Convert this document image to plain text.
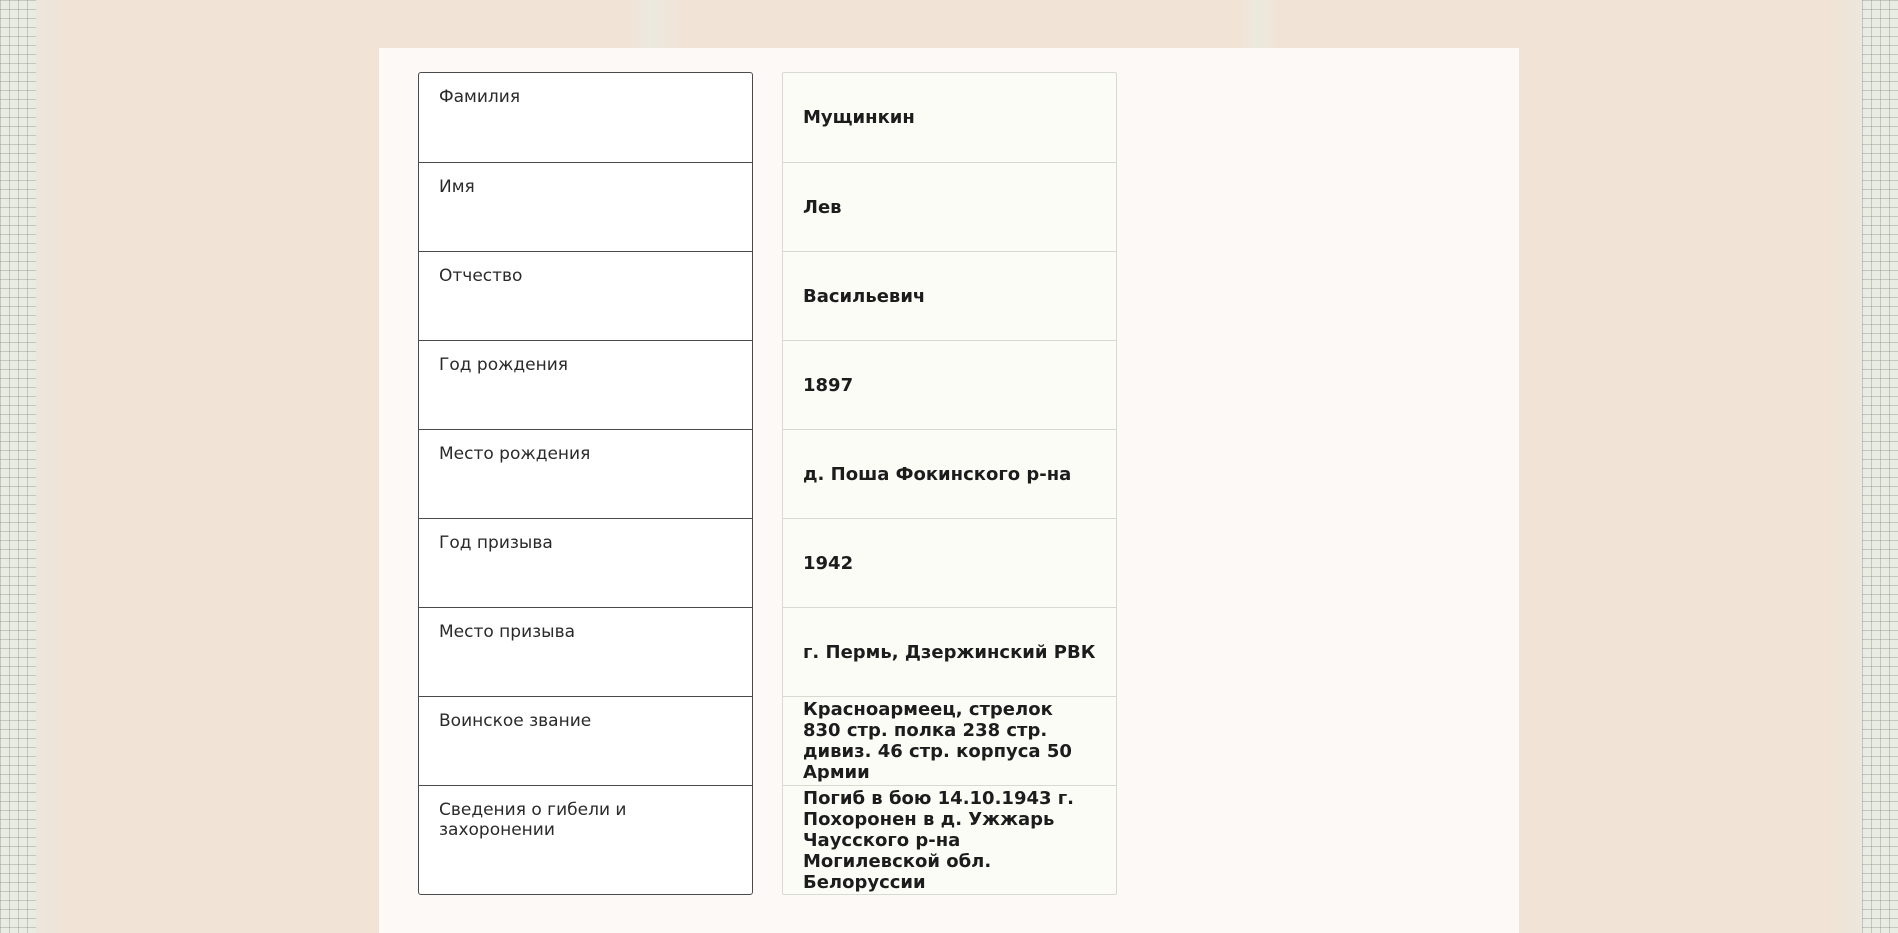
Фамилия
Имя
Отчество
Год рождения
Место рождения
Год призыва
Место призыва
Воинское звание
Сведения о гибели и захоронении
Мущинкин
Лев
Васильевич
1897
д. Поша Фокинского р-на
1942
г. Пермь, Дзержинский РВК
Красноармеец, стрелок 830 стр. полка 238 стр. дивиз. 46 стр. корпуса 50 Армии
Погиб в бою 14.10.1943 г. Похоронен в д. Ужжарь Чаусского р-на Могилевской обл. Белоруссии
